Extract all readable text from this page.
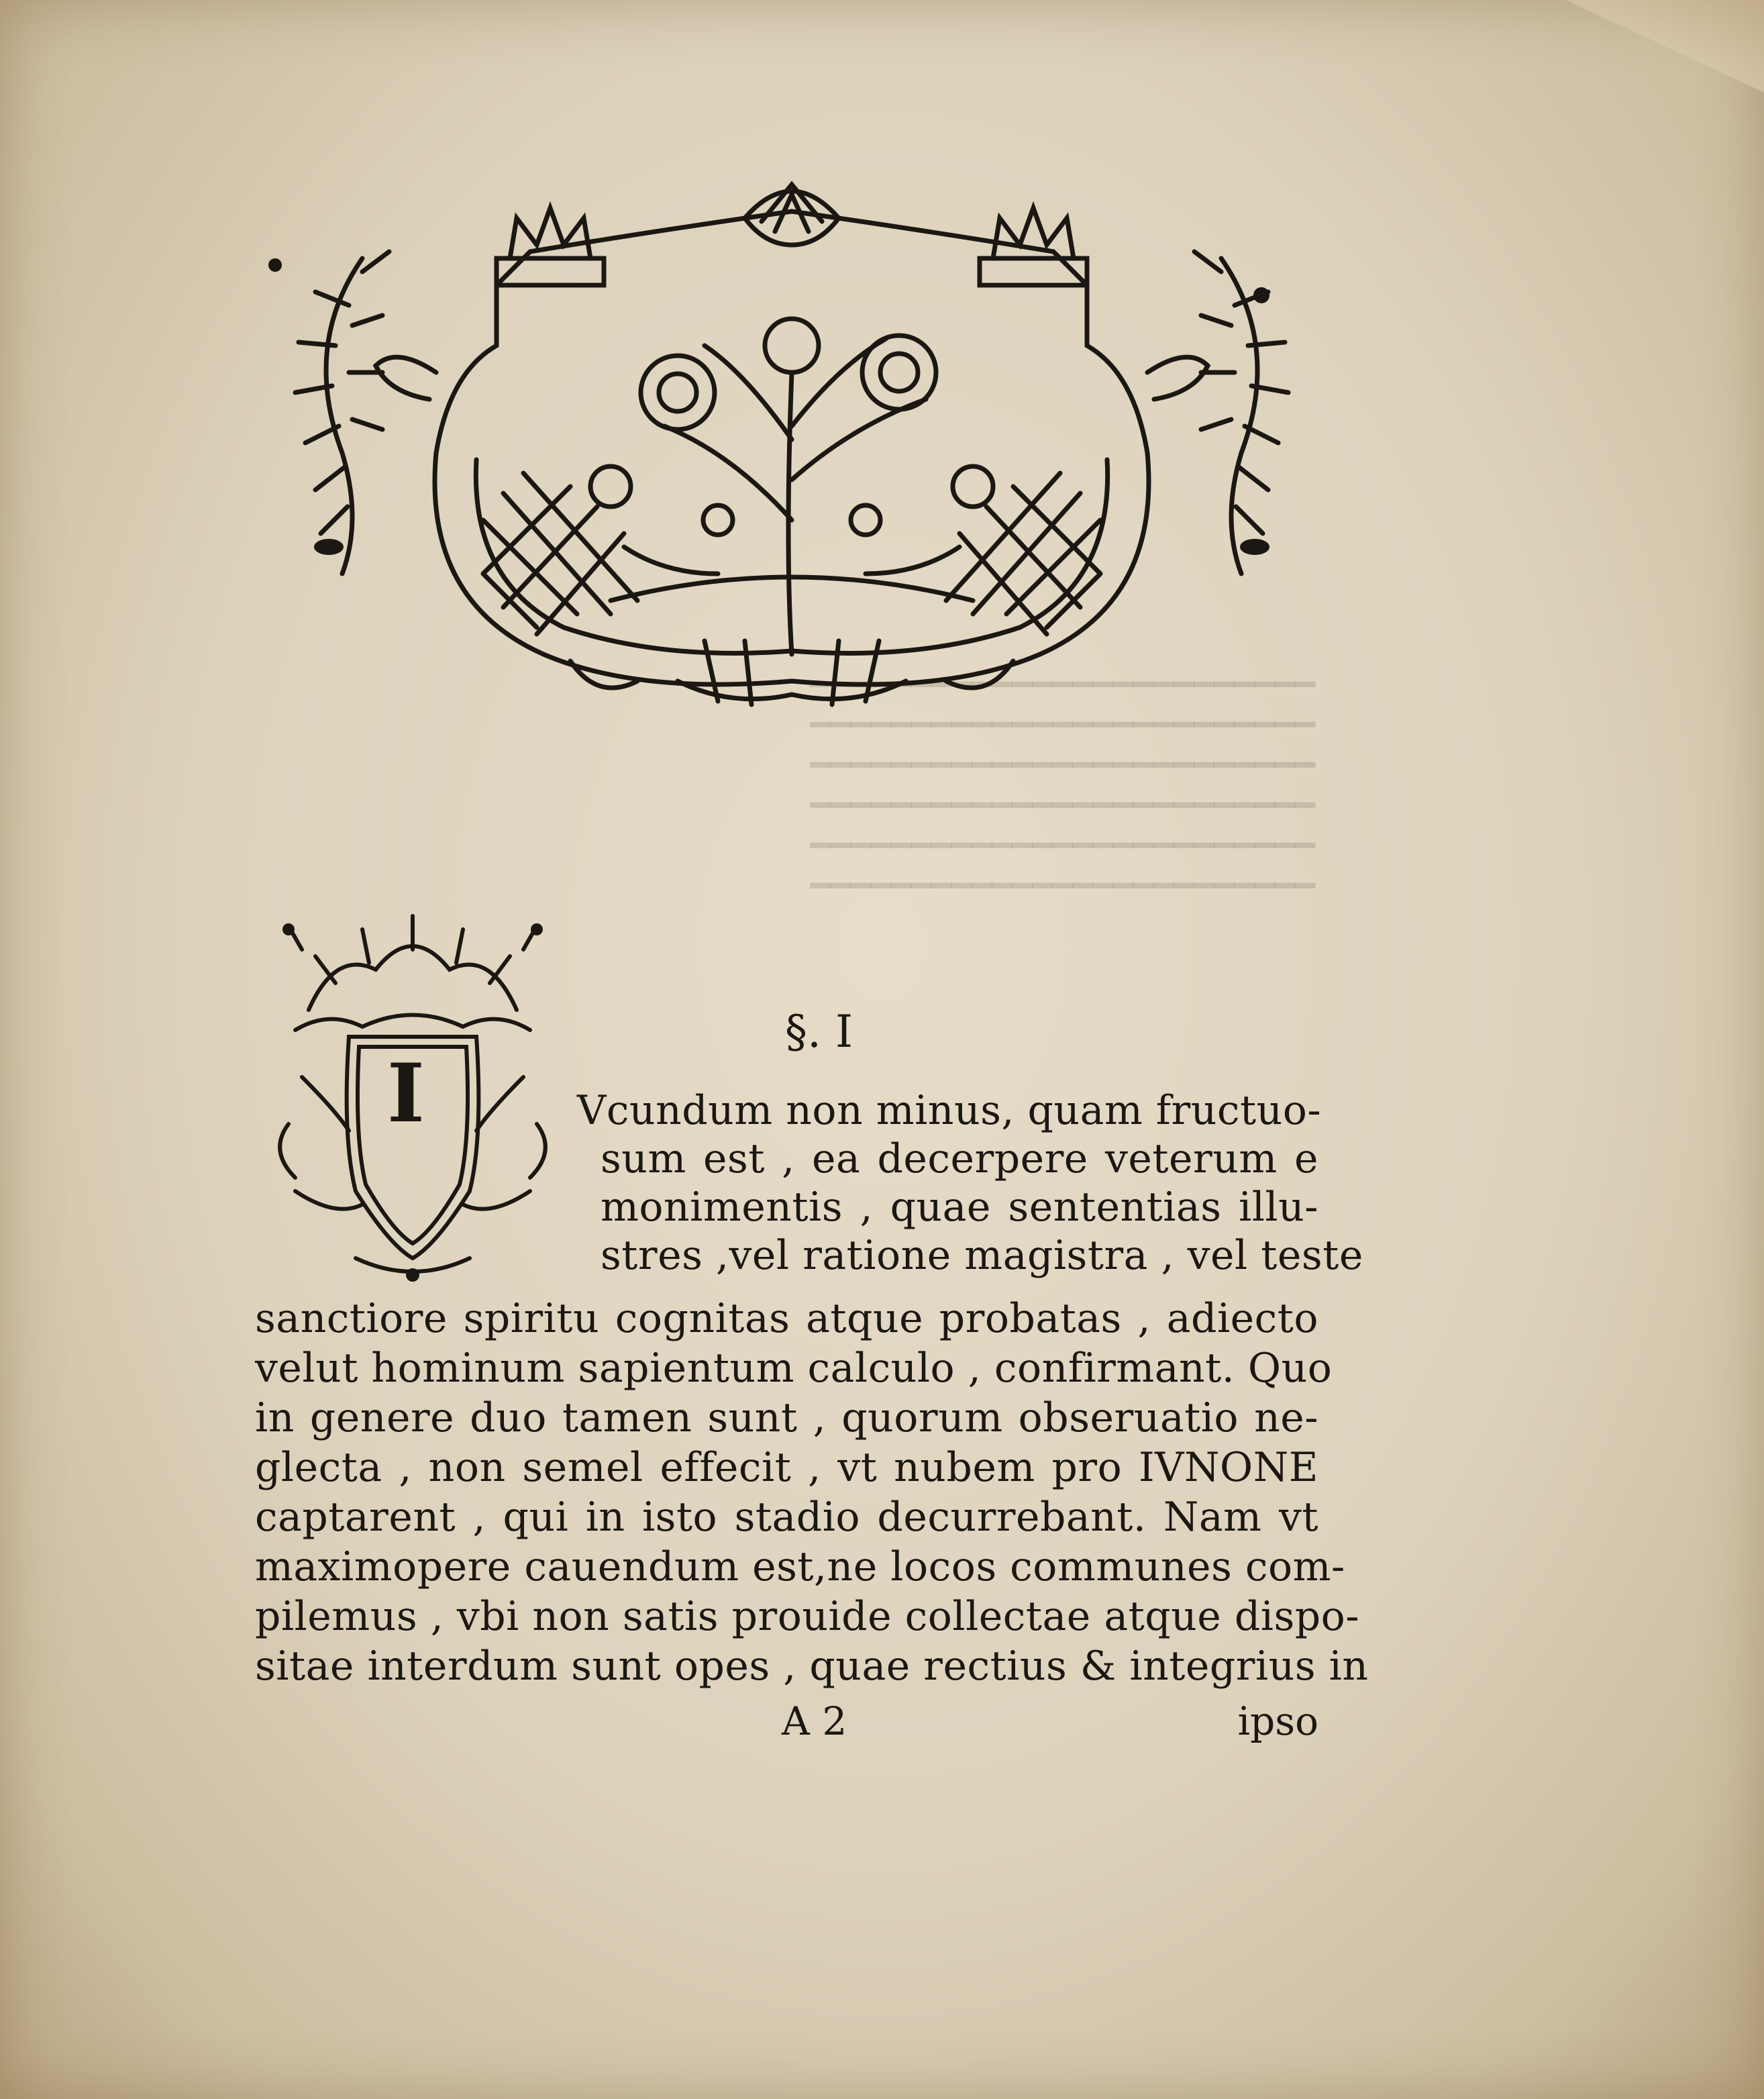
━━━━━━━━━━━━━━━━━━━━━━━━━
━━━━━━━━━━━━━━━━━━━━━━━━━
━━━━━━━━━━━━━━━━━━━━━━━━━
━━━━━━━━━━━━━━━━━━━━━━━━━
━━━━━━━━━━━━━━━━━━━━━━━━━
━━━━━━━━━━━━━━━━━━━━━━━━━
I
§. I
Vcundum non minus, quam fructuo-
sum est , ea decerpere veterum e
monimentis , quae sententias illu-
stres ,vel ratione magistra , vel teste
sanctiore spiritu cognitas atque probatas , adiecto
velut hominum sapientum calculo , confirmant. Quo
in genere duo tamen sunt , quorum obseruatio ne-
glecta , non semel effecit , vt nubem pro IVNONE
captarent , qui in isto stadio decurrebant. Nam vt
maximopere cauendum est,ne locos communes com-
pilemus , vbi non satis prouide collectae atque dispo-
sitae interdum sunt opes , quae rectius & integrius in
A 2	ipso
